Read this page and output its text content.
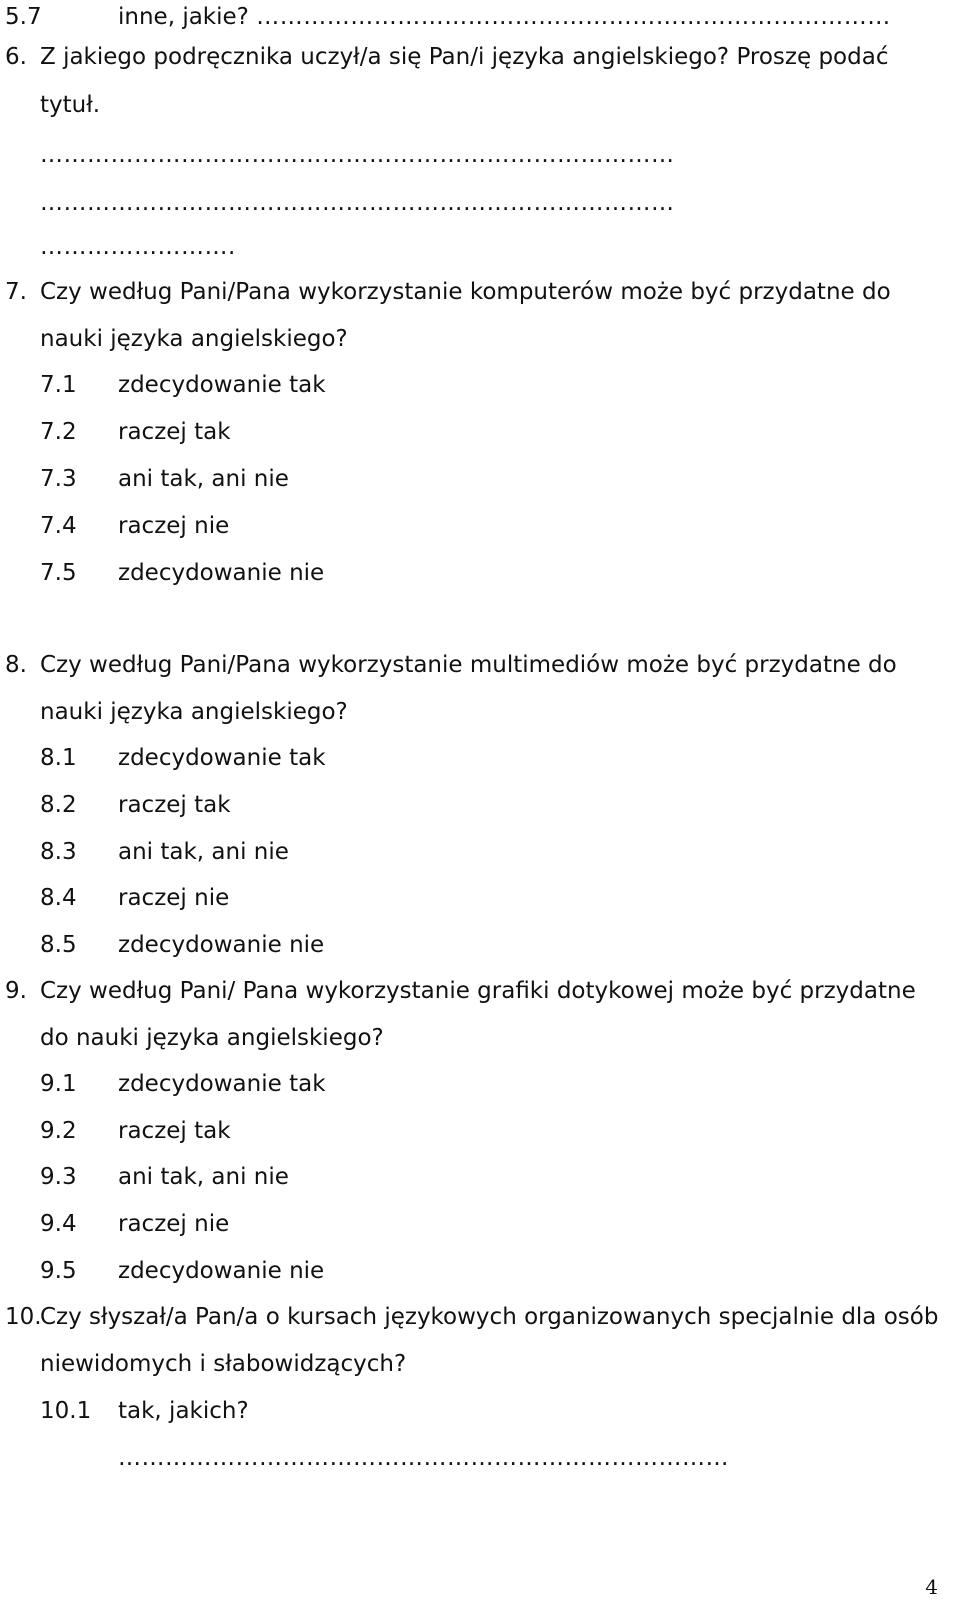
5.7	inne, jakie? ………………………………………………………………………
6. Z jakiego podręcznika uczył/a się Pan/i języka angielskiego? Proszę podać
tytuł.
………………………………………………………………………
………………………………………………………………………
…………………….
7. Czy według Pani/Pana wykorzystanie komputerów może być przydatne do
nauki języka angielskiego?
7.1 zdecydowanie tak
7.2 raczej tak
7.3 ani tak, ani nie
7.4 raczej nie
7.5 zdecydowanie nie
8. Czy według Pani/Pana wykorzystanie multimediów może być przydatne do
nauki języka angielskiego?
8.1 zdecydowanie tak
8.2 raczej tak
8.3 ani tak, ani nie
8.4 raczej nie
8.5 zdecydowanie nie
9. Czy według Pani/ Pana wykorzystanie grafiki dotykowej może być przydatne
do nauki języka angielskiego?
9.1 zdecydowanie tak
9.2 raczej tak
9.3 ani tak, ani nie
9.4 raczej nie
9.5 zdecydowanie nie
10.
Czy słyszał/a Pan/a o kursach językowych organizowanych specjalnie dla osób
niewidomych i słabowidzących?
10.1 tak, jakich?
……………………………………………………………………
4
